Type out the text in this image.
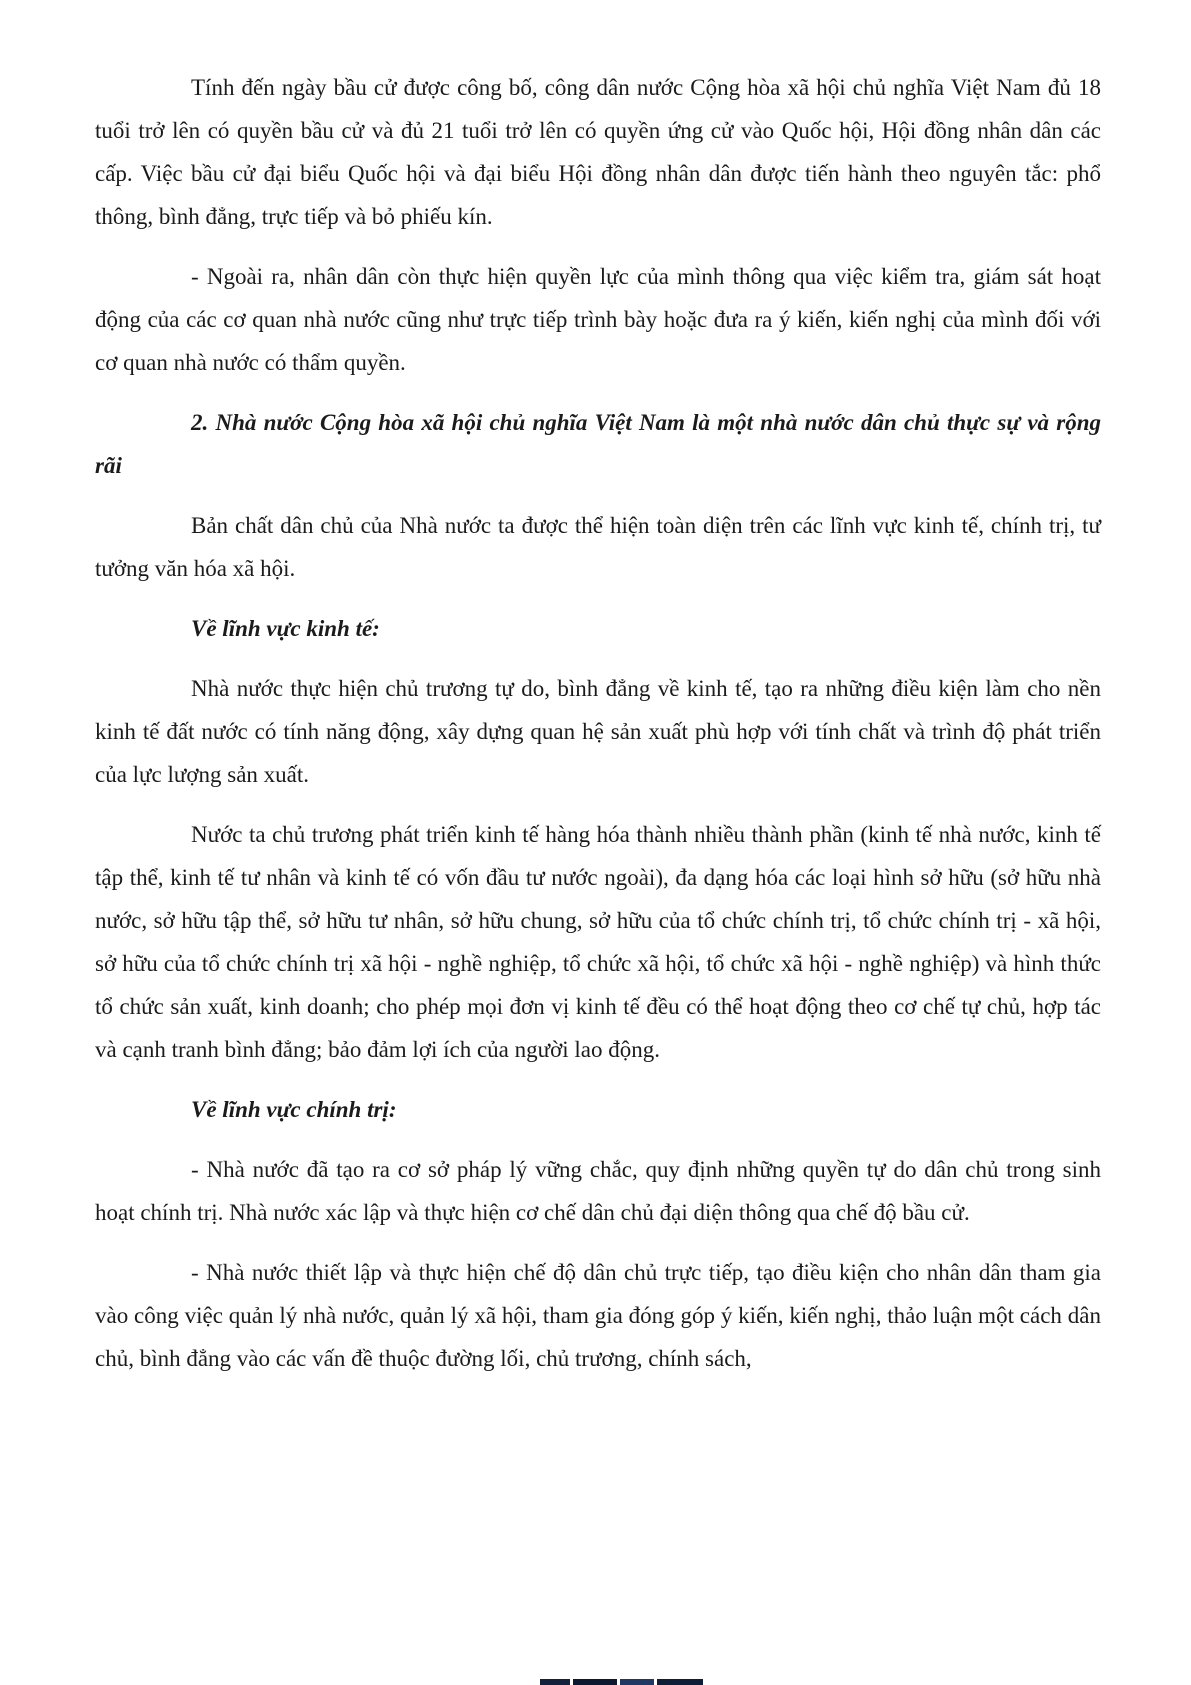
Tính đến ngày bầu cử được công bố, công dân nước Cộng hòa xã hội chủ nghĩa Việt Nam đủ 18 tuổi trở lên có quyền bầu cử và đủ 21 tuổi trở lên có quyền ứng cử vào Quốc hội, Hội đồng nhân dân các cấp. Việc bầu cử đại biểu Quốc hội và đại biểu Hội đồng nhân dân được tiến hành theo nguyên tắc: phổ thông, bình đẳng, trực tiếp và bỏ phiếu kín.

- Ngoài ra, nhân dân còn thực hiện quyền lực của mình thông qua việc kiểm tra, giám sát hoạt động của các cơ quan nhà nước cũng như trực tiếp trình bày hoặc đưa ra ý kiến, kiến nghị của mình đối với cơ quan nhà nước có thẩm quyền.

2. Nhà nước Cộng hòa xã hội chủ nghĩa Việt Nam là một nhà nước dân chủ thực sự và rộng rãi

Bản chất dân chủ của Nhà nước ta được thể hiện toàn diện trên các lĩnh vực kinh tế, chính trị, tư tưởng văn hóa xã hội.

Về lĩnh vực kinh tế:

Nhà nước thực hiện chủ trương tự do, bình đẳng về kinh tế, tạo ra những điều kiện làm cho nền kinh tế đất nước có tính năng động, xây dựng quan hệ sản xuất phù hợp với tính chất và trình độ phát triển của lực lượng sản xuất.

Nước ta chủ trương phát triển kinh tế hàng hóa thành nhiều thành phần (kinh tế nhà nước, kinh tế tập thể, kinh tế tư nhân và kinh tế có vốn đầu tư nước ngoài), đa dạng hóa các loại hình sở hữu (sở hữu nhà nước, sở hữu tập thể, sở hữu tư nhân, sở hữu chung, sở hữu của tổ chức chính trị, tổ chức chính trị - xã hội, sở hữu của tổ chức chính trị xã hội - nghề nghiệp, tổ chức xã hội, tổ chức xã hội - nghề nghiệp) và hình thức tổ chức sản xuất, kinh doanh; cho phép mọi đơn vị kinh tế đều có thể hoạt động theo cơ chế tự chủ, hợp tác và cạnh tranh bình đẳng; bảo đảm lợi ích của người lao động.

Về lĩnh vực chính trị:

- Nhà nước đã tạo ra cơ sở pháp lý vững chắc, quy định những quyền tự do dân chủ trong sinh hoạt chính trị. Nhà nước xác lập và thực hiện cơ chế dân chủ đại diện thông qua chế độ bầu cử.

- Nhà nước thiết lập và thực hiện chế độ dân chủ trực tiếp, tạo điều kiện cho nhân dân tham gia vào công việc quản lý nhà nước, quản lý xã hội, tham gia đóng góp ý kiến, kiến nghị, thảo luận một cách dân chủ, bình đẳng vào các vấn đề thuộc đường lối, chủ trương, chính sách,
